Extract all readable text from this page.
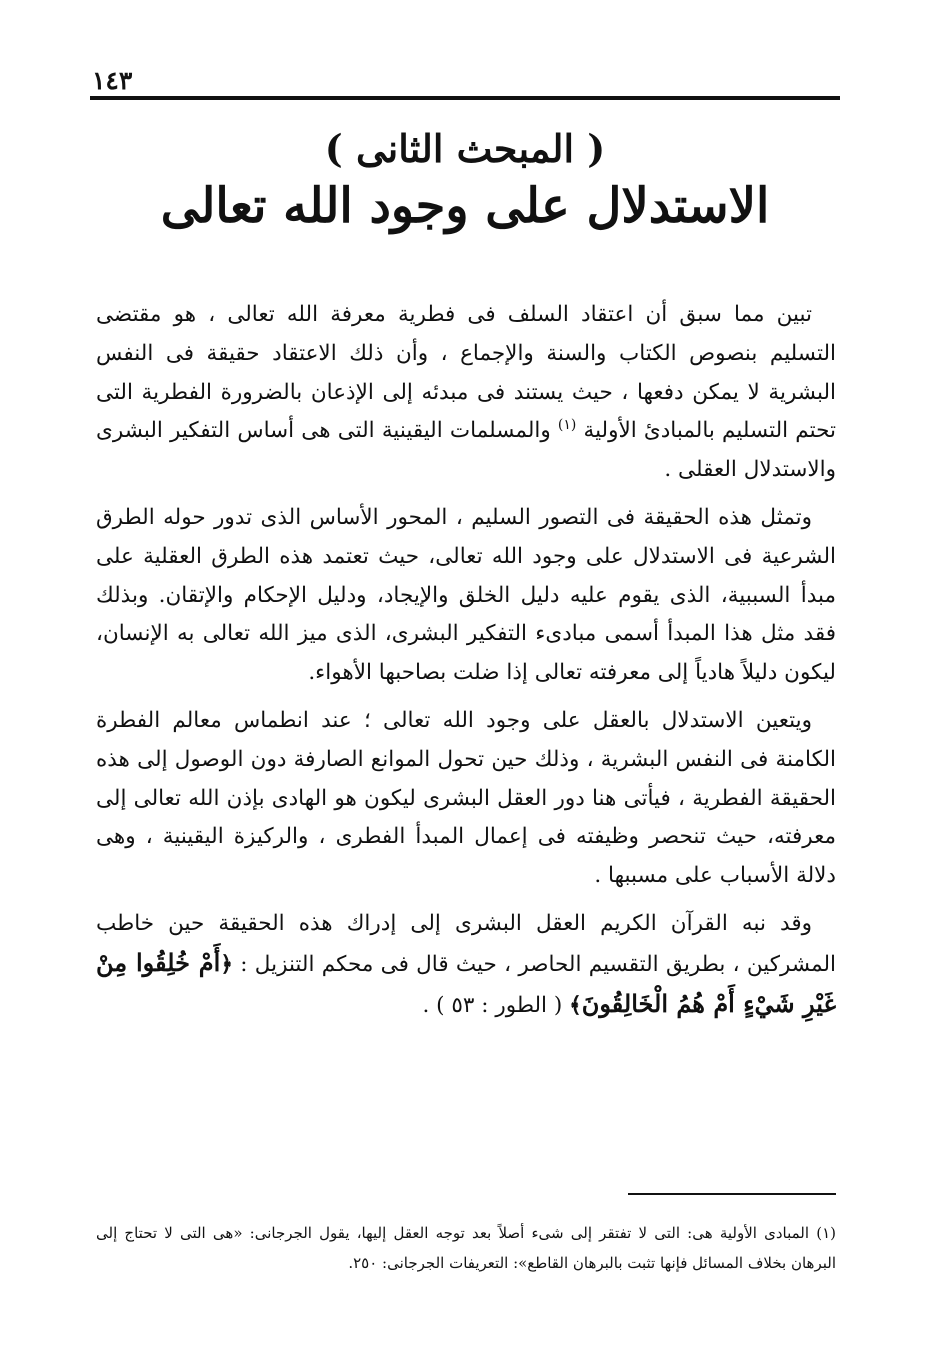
١٤٣
( المبحث الثانى )
الاستدلال على وجود الله تعالى

تبين مما سبق أن اعتقاد السلف فى فطرية معرفة الله تعالى ، هو مقتضى التسليم بنصوص الكتاب والسنة والإجماع ، وأن ذلك الاعتقاد حقيقة فى النفس البشرية لا يمكن دفعها ، حيث يستند فى مبدئه إلى الإذعان بالضرورة الفطرية التى تحتم التسليم بالمبادئ الأولية $^{(١)}$ والمسلمات اليقينية التى هى أساس التفكير البشرى والاستدلال العقلى .

وتمثل هذه الحقيقة فى التصور السليم ، المحور الأساس الذى تدور حوله الطرق الشرعية فى الاستدلال على وجود الله تعالى، حيث تعتمد هذه الطرق العقلية على مبدأ السببية، الذى يقوم عليه دليل الخلق والإيجاد، ودليل الإحكام والإتقان. وبذلك فقد مثل هذا المبدأ أسمى مبادىء التفكير البشرى، الذى ميز الله تعالى به الإنسان، ليكون دليلاً هادياً إلى معرفته تعالى إذا ضلت بصاحبها الأهواء.

ويتعين الاستدلال بالعقل على وجود الله تعالى ؛ عند انطماس معالم الفطرة الكامنة فى النفس البشرية ، وذلك حين تحول الموانع الصارفة دون الوصول إلى هذه الحقيقة الفطرية ، فيأتى هنا دور العقل البشرى ليكون هو الهادى بإذن الله تعالى إلى معرفته، حيث تنحصر وظيفته فى إعمال المبدأ الفطرى ، والركيزة اليقينية ، وهى دلالة الأسباب على مسببها .

وقد نبه القرآن الكريم العقل البشرى إلى إدراك هذه الحقيقة حين خاطب المشركين ، بطريق التقسيم الحاصر ، حيث قال فى محكم التنزيل : ﴿أَمْ خُلِقُوا مِنْ غَيْرِ شَيْءٍ أَمْ هُمُ الْخَالِقُونَ﴾ ( الطور : ٥٣ ) .

(١) المبادى الأولية هى: التى لا تفتقر إلى شىء أصلاً بعد توجه العقل إليها، يقول الجرجانى: «هى التى لا تحتاج إلى البرهان بخلاف المسائل فإنها تثبت بالبرهان القاطع»: التعريفات الجرجانى: ٢٥٠.
